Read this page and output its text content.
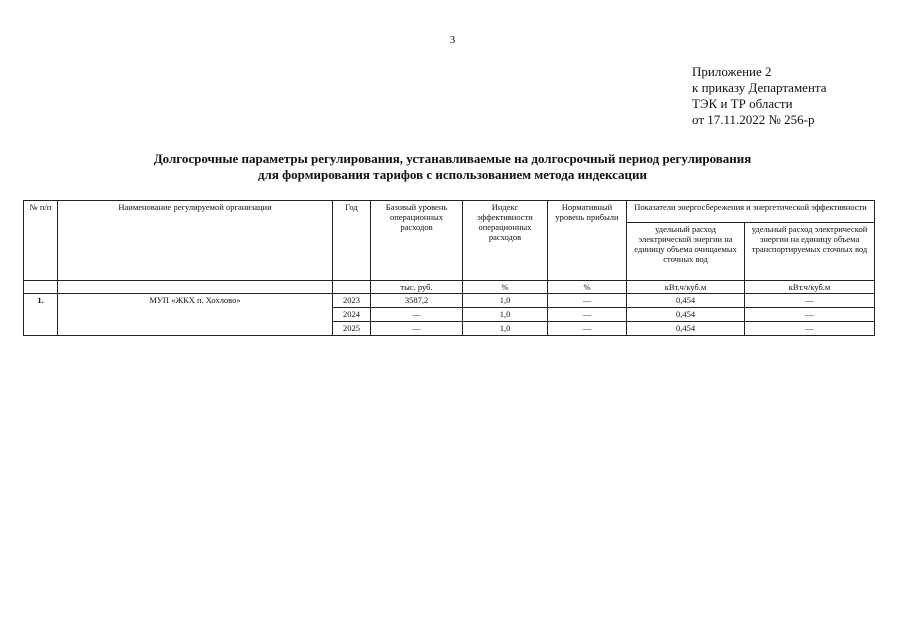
3
Приложение 2
к приказу Департамента
ТЭК и ТР области
от 17.11.2022 № 256-р
Долгосрочные параметры регулирования, устанавливаемые на долгосрочный период регулирования
для формирования тарифов с использованием метода индексации
№ п/п	Наименование регулируемой организации	Год	Базовый уровень операционных расходов	Индекс эффективности операционных расходов	Нормативный уровень прибыли	Показатели энергосбережения и энергетической эффективности	
						удельный расход электрической энергии на единицу объема очищаемых сточных вод	удельный расход электрической энергии на единицу объема транспортируемых сточных вод
			тыс. руб.	%	%	кВт.ч/куб.м	кВт.ч/куб.м
1.	МУП «ЖКХ п. Хохлово»	2023	3587,2	1,0	—	0,454	—
		2024	—	1,0	—	0,454	—
		2025	—	1,0	—	0,454	—
